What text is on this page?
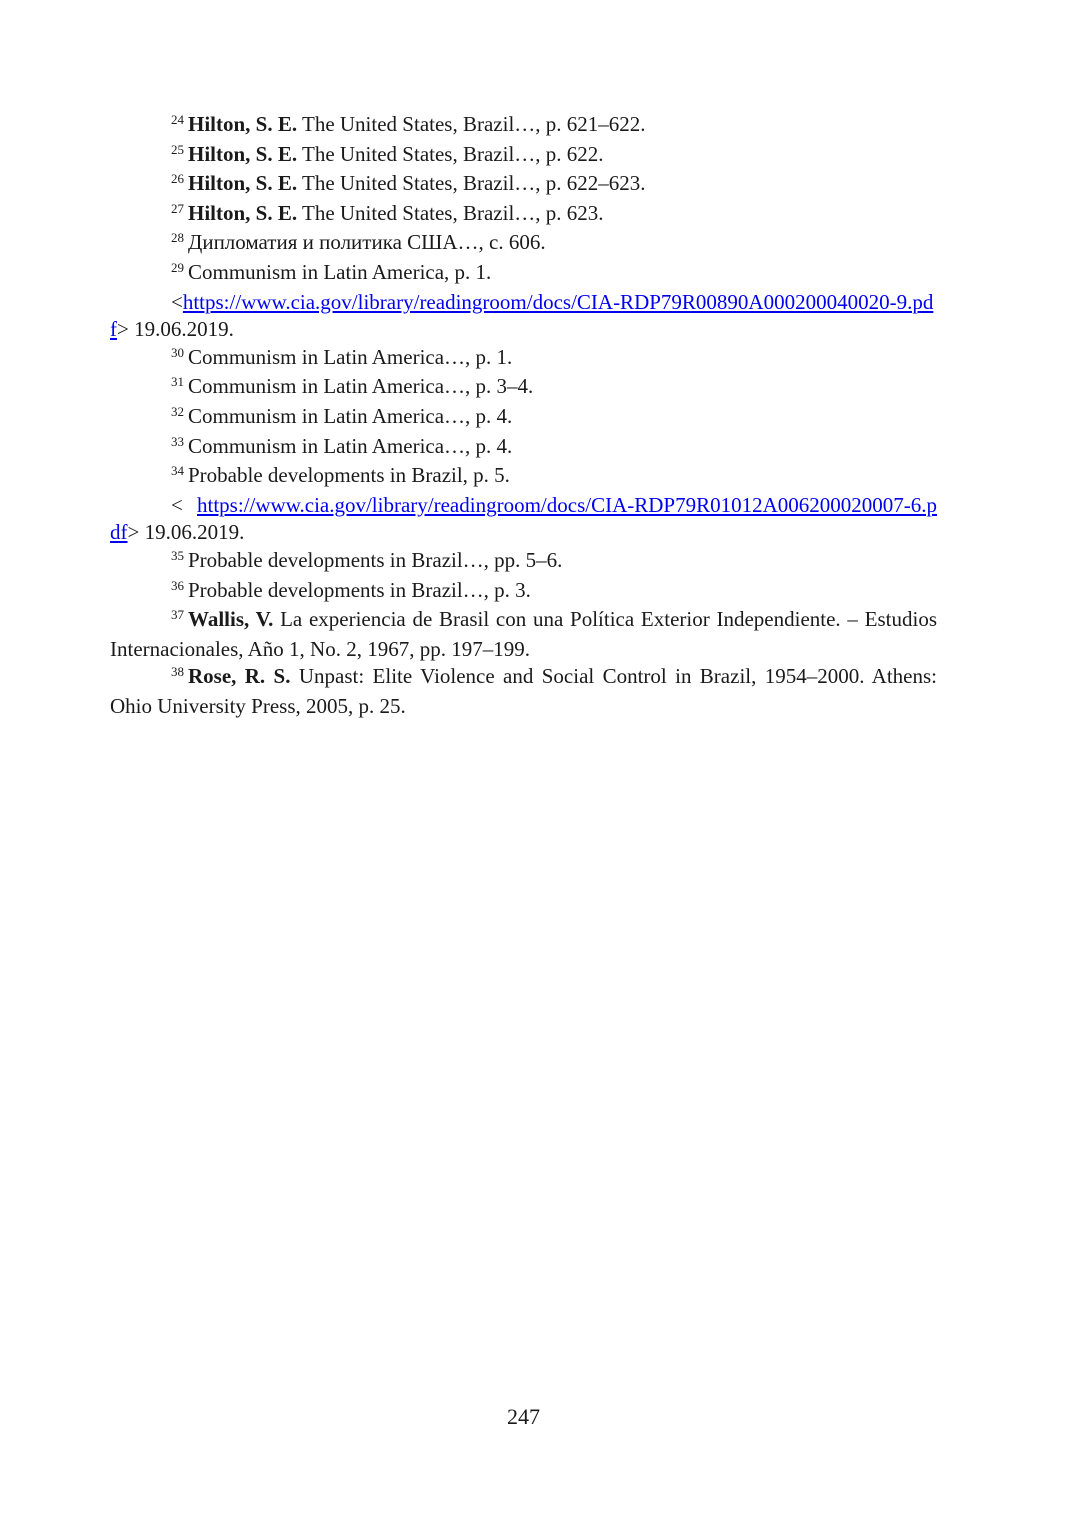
$^{24}$ Hilton, S. E. The United States, Brazil…, p. 621–622.

$^{25}$ Hilton, S. E. The United States, Brazil…, p. 622.

$^{26}$ Hilton, S. E. The United States, Brazil…, p. 622–623.

$^{27}$ Hilton, S. E. The United States, Brazil…, p. 623.

$^{28}$ Дипломатия и политика США…, с. 606.

$^{29}$ Communism in Latin America, p. 1.

<https://www.cia.gov/library/readingroom/docs/CIA-RDP79R00890A000200040020-9.pdf> 19.06.2019.

$^{30}$ Communism in Latin America…, p. 1.

$^{31}$ Communism in Latin America…, p. 3–4.

$^{32}$ Communism in Latin America…, p. 4.

$^{33}$ Communism in Latin America…, p. 4.

$^{34}$ Probable developments in Brazil, p. 5.

< https://www.cia.gov/library/readingroom/docs/CIA-RDP79R01012A006200020007-6.pdf> 19.06.2019.

$^{35}$ Probable developments in Brazil…, pp. 5–6.

$^{36}$ Probable developments in Brazil…, p. 3.

$^{37}$ Wallis, V. La experiencia de Brasil con una Política Exterior Independiente. – Estudios Internacionales, Año 1, No. 2, 1967, pp. 197–199.

$^{38}$ Rose, R. S. Unpast: Elite Violence and Social Control in Brazil, 1954–2000. Athens: Ohio University Press, 2005, p. 25.

247
